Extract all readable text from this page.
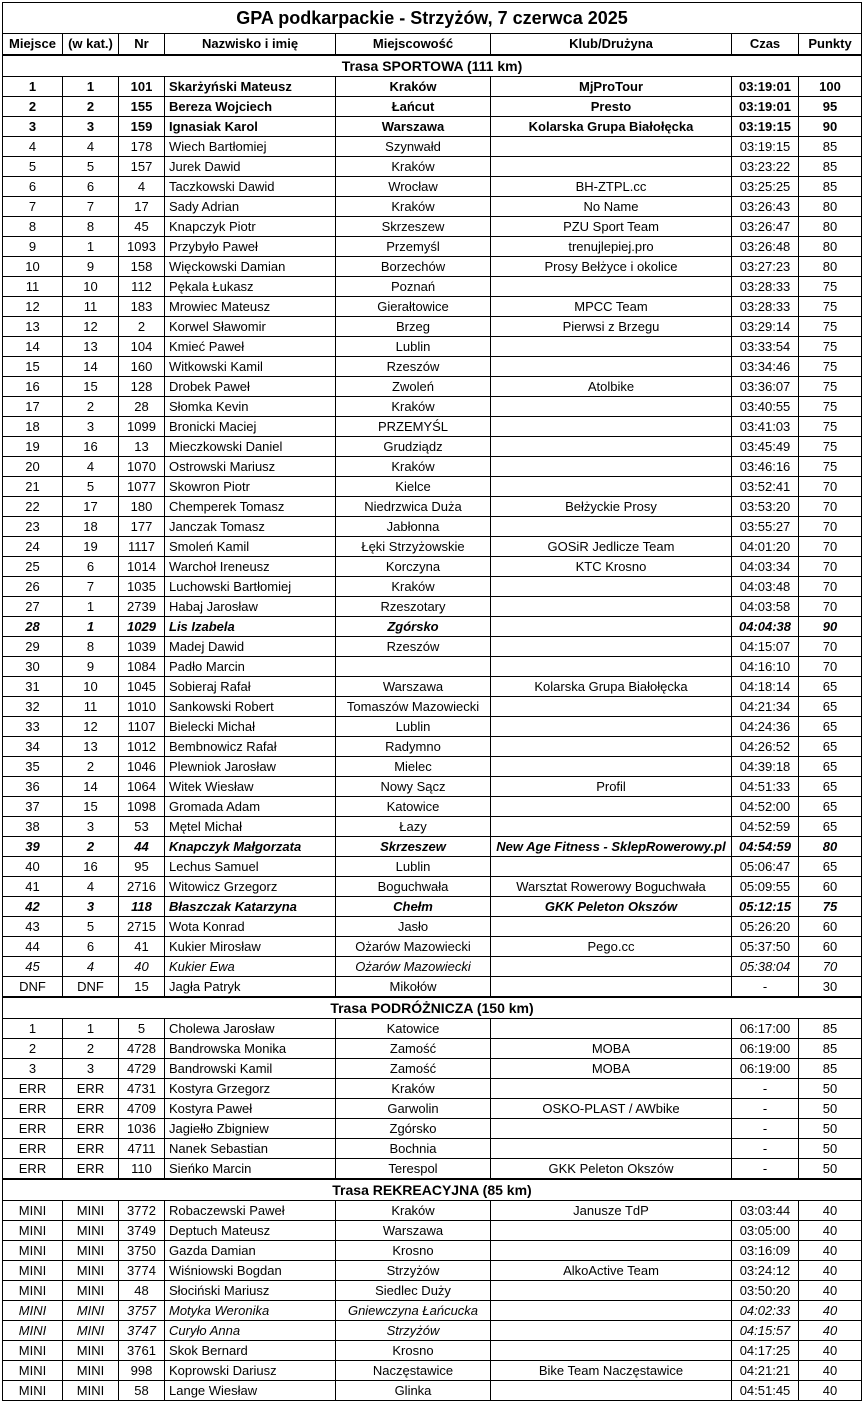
GPA podkarpackie - Strzyżów, 7 czerwca 2025							
Miejsce	(w kat.)	Nr	Nazwisko i imię	Miejscowość	Klub/Drużyna	Czas	Punkty
Trasa SPORTOWA (111 km)							
1	1	101	Skarżyński Mateusz	Kraków	MjProTour	03:19:01	100
2	2	155	Bereza Wojciech	Łańcut	Presto	03:19:01	95
3	3	159	Ignasiak Karol	Warszawa	Kolarska Grupa Białołęcka	03:19:15	90
4	4	178	Wiech Bartłomiej	Szynwałd		03:19:15	85
5	5	157	Jurek Dawid	Kraków		03:23:22	85
6	6	4	Taczkowski Dawid	Wrocław	BH-ZTPL.cc	03:25:25	85
7	7	17	Sady Adrian	Kraków	No Name	03:26:43	80
8	8	45	Knapczyk Piotr	Skrzeszew	PZU Sport Team	03:26:47	80
9	1	1093	Przybyło Paweł	Przemyśl	trenujlepiej.pro	03:26:48	80
10	9	158	Więckowski Damian	Borzechów	Prosy Bełżyce i okolice	03:27:23	80
11	10	112	Pękala Łukasz	Poznań		03:28:33	75
12	11	183	Mrowiec Mateusz	Gierałtowice	MPCC Team	03:28:33	75
13	12	2	Korwel Sławomir	Brzeg	Pierwsi z Brzegu	03:29:14	75
14	13	104	Kmieć Paweł	Lublin		03:33:54	75
15	14	160	Witkowski Kamil	Rzeszów		03:34:46	75
16	15	128	Drobek Paweł	Zwoleń	Atolbike	03:36:07	75
17	2	28	Słomka Kevin	Kraków		03:40:55	75
18	3	1099	Bronicki Maciej	PRZEMYŚL		03:41:03	75
19	16	13	Mieczkowski Daniel	Grudziądz		03:45:49	75
20	4	1070	Ostrowski Mariusz	Kraków		03:46:16	75
21	5	1077	Skowron Piotr	Kielce		03:52:41	70
22	17	180	Chemperek Tomasz	Niedrzwica Duża	Bełżyckie Prosy	03:53:20	70
23	18	177	Janczak Tomasz	Jabłonna		03:55:27	70
24	19	1117	Smoleń Kamil	Łęki Strzyżowskie	GOSiR Jedlicze Team	04:01:20	70
25	6	1014	Warchoł Ireneusz	Korczyna	KTC Krosno	04:03:34	70
26	7	1035	Luchowski Bartłomiej	Kraków		04:03:48	70
27	1	2739	Habaj Jarosław	Rzeszotary		04:03:58	70
28	1	1029	Lis Izabela	Zgórsko		04:04:38	90
29	8	1039	Madej Dawid	Rzeszów		04:15:07	70
30	9	1084	Padło Marcin			04:16:10	70
31	10	1045	Sobieraj Rafał	Warszawa	Kolarska Grupa Białołęcka	04:18:14	65
32	11	1010	Sankowski Robert	Tomaszów Mazowiecki		04:21:34	65
33	12	1107	Bielecki Michał	Lublin		04:24:36	65
34	13	1012	Bembnowicz Rafał	Radymno		04:26:52	65
35	2	1046	Plewniok Jarosław	Mielec		04:39:18	65
36	14	1064	Witek Wiesław	Nowy Sącz	Profil	04:51:33	65
37	15	1098	Gromada Adam	Katowice		04:52:00	65
38	3	53	Mętel Michał	Łazy		04:52:59	65
39	2	44	Knapczyk Małgorzata	Skrzeszew	New Age Fitness - SklepRowerowy.pl	04:54:59	80
40	16	95	Lechus Samuel	Lublin		05:06:47	65
41	4	2716	Witowicz Grzegorz	Boguchwała	Warsztat Rowerowy Boguchwała	05:09:55	60
42	3	118	Błaszczak Katarzyna	Chełm	GKK Peleton Okszów	05:12:15	75
43	5	2715	Wota Konrad	Jasło		05:26:20	60
44	6	41	Kukier Mirosław	Ożarów Mazowiecki	Pego.cc	05:37:50	60
45	4	40	Kukier Ewa	Ożarów Mazowiecki		05:38:04	70
DNF	DNF	15	Jagła Patryk	Mikołów		-	30
Trasa PODRÓŻNICZA (150 km)							
1	1	5	Cholewa Jarosław	Katowice		06:17:00	85
2	2	4728	Bandrowska Monika	Zamość	MOBA	06:19:00	85
3	3	4729	Bandrowski Kamil	Zamość	MOBA	06:19:00	85
ERR	ERR	4731	Kostyra Grzegorz	Kraków		-	50
ERR	ERR	4709	Kostyra Paweł	Garwolin	OSKO-PLAST / AWbike	-	50
ERR	ERR	1036	Jagiełło Zbigniew	Zgórsko		-	50
ERR	ERR	4711	Nanek Sebastian	Bochnia		-	50
ERR	ERR	110	Sieńko Marcin	Terespol	GKK Peleton Okszów	-	50
Trasa REKREACYJNA (85 km)							
MINI	MINI	3772	Robaczewski Paweł	Kraków	Janusze TdP	03:03:44	40
MINI	MINI	3749	Deptuch Mateusz	Warszawa		03:05:00	40
MINI	MINI	3750	Gazda Damian	Krosno		03:16:09	40
MINI	MINI	3774	Wiśniowski Bogdan	Strzyżów	AlkoActive Team	03:24:12	40
MINI	MINI	48	Słociński Mariusz	Siedlec Duży		03:50:20	40
MINI	MINI	3757	Motyka Weronika	Gniewczyna Łańcucka		04:02:33	40
MINI	MINI	3747	Curyło Anna	Strzyżów		04:15:57	40
MINI	MINI	3761	Skok Bernard	Krosno		04:17:25	40
MINI	MINI	998	Koprowski Dariusz	Naczęstawice	Bike Team Naczęstawice	04:21:21	40
MINI	MINI	58	Lange Wiesław	Glinka		04:51:45	40
